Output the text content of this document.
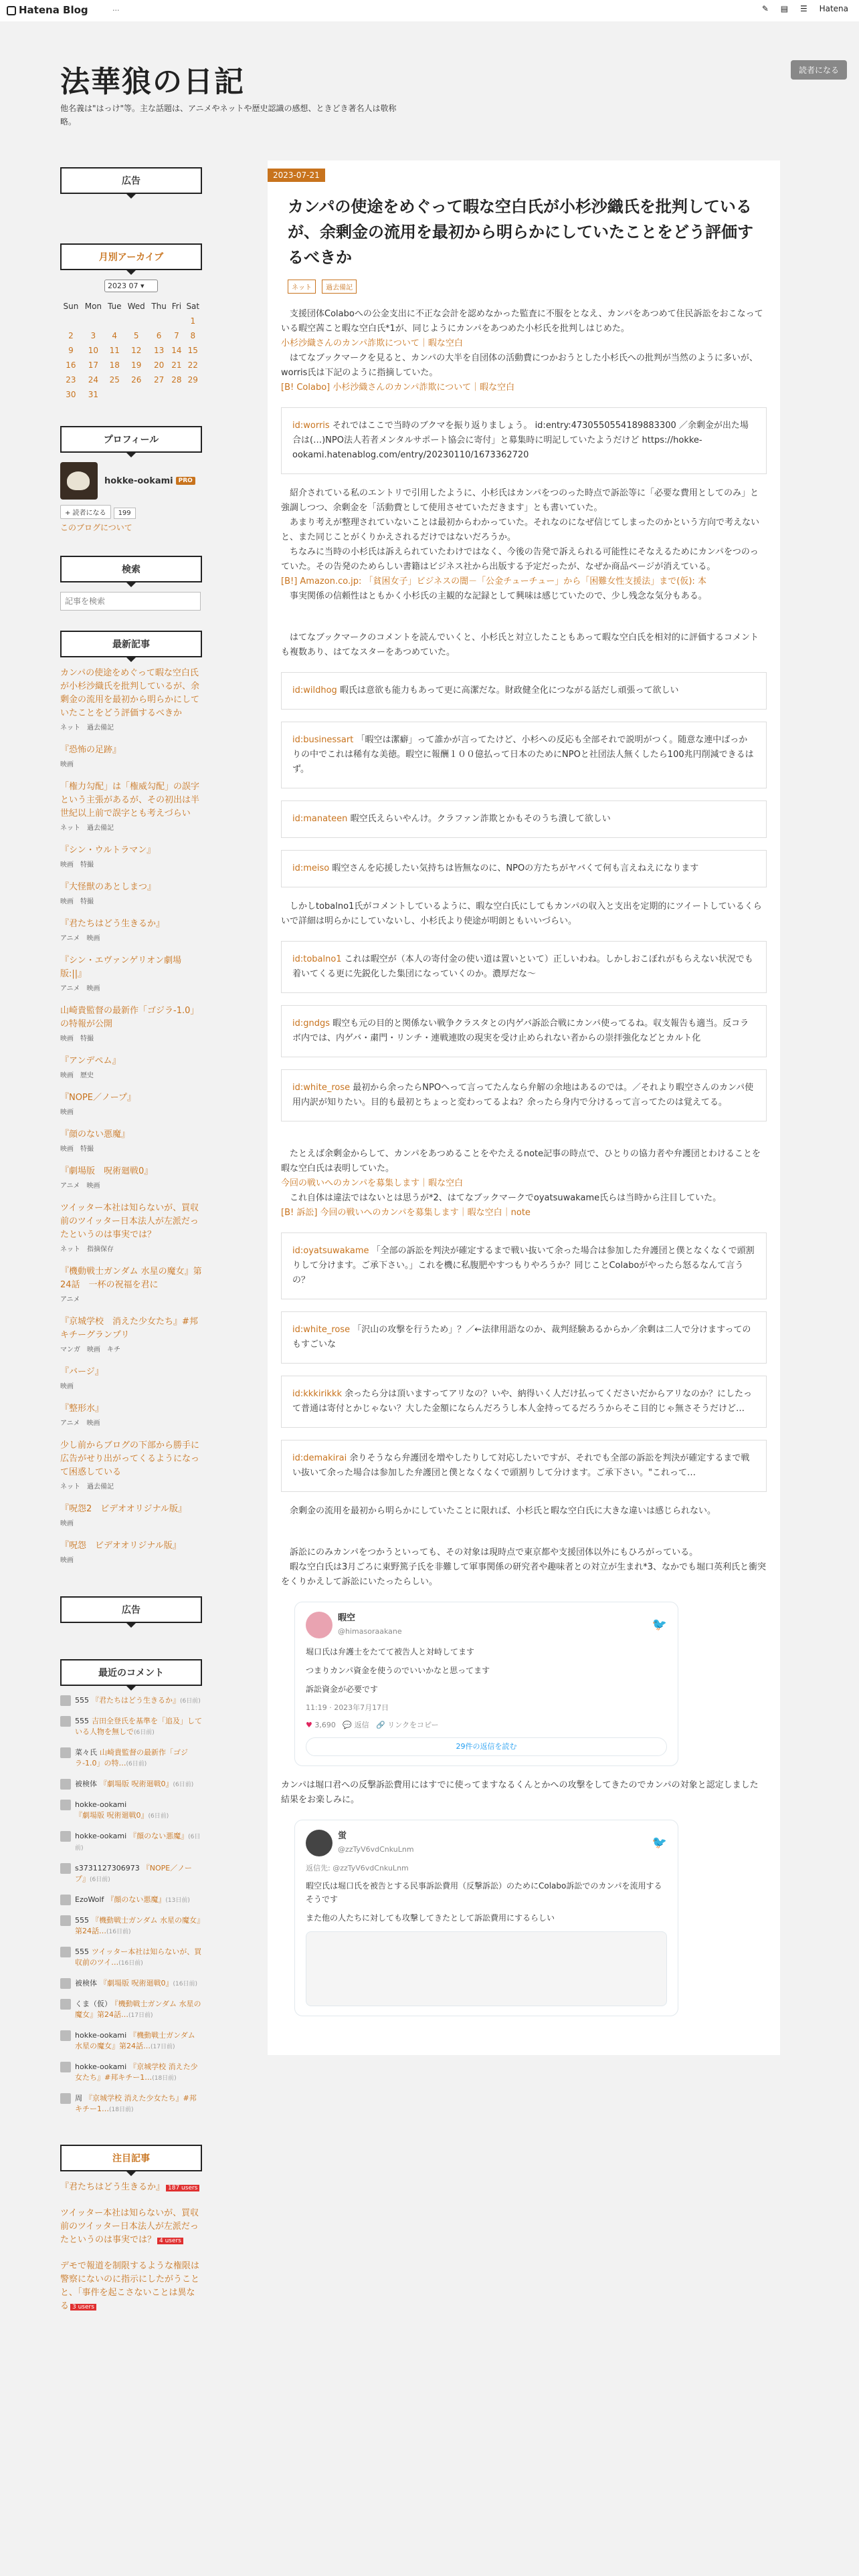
Hatena Blog	···	✎ ▤ ☰ Hatena
法華狼の日記
他名義は"はっけ"等。主な話題は、アニメやネットや歴史認識の感想、ときどき著名人は敬称略。
読者になる
広告
月別アーカイブ
2023 07 ▾
Sun	Mon	Tue	Wed	Thu	Fri	Sat
						1
2	3	4	5	6	7	8
9	10	11	12	13	14	15
16	17	18	19	20	21	22
23	24	25	26	27	28	29
30	31					
プロフィール
hokke-ookami PRO
+ 読者になる 199
このブログについて
検索
記事を検索
最新記事
カンパの使途をめぐって暇な空白氏が小杉沙織氏を批判しているが、余剰金の流用を最初から明らかにしていたことをどう評価するべきか
ネット　過去備記
『恐怖の足跡』
映画
「権力勾配」は「権威勾配」の誤字という主張があるが、その初出は半世紀以上前で誤字とも考えづらい
ネット　過去備記
『シン・ウルトラマン』
映画　特撮
『大怪獣のあとしまつ』
映画　特撮
『君たちはどう生きるか』
アニメ　映画
『シン・エヴァンゲリオン劇場版:||』
アニメ　映画
山崎貴監督の最新作「ゴジラ-1.0」の特報が公開
映画　特撮
『アンデペム』
映画　歴史
『NOPE／ノープ』
映画
『顔のない悪魔』
映画　特撮
『劇場版　呪術廻戦0』
アニメ　映画
ツイッター本社は知らないが、買収前のツイッター日本法人が左派だったというのは事実では？
ネット　指摘保存
『機動戦士ガンダム 水星の魔女』第24話　一杯の祝福を君に
アニメ
『京城学校　消えた少女たち』#邦キチーグランプリ
マンガ　映画　キチ
『バージ』
映画
『整形水』
アニメ　映画
少し前からブログの下部から勝手に広告がせり出がってくるようになって困惑している
ネット　過去備記
『呪怨2　ビデオオリジナル版』
映画
『呪怨　ビデオオリジナル版』
映画
広告
最近のコメント
555 『君たちはどう生きるか』(6日前)
555 吉田全登氏を基準を「追及」している人物を無しで(6日前)
菜々氏 山崎貴監督の最新作「ゴジラ-1.0」の特…(6日前)
被検体 『劇場版 呪術廻戦0』(6日前)
hokke-ookami『劇場版 呪術廻戦0』(6日前)
hokke-ookami 『顔のない悪魔』(6日前)
s3731127306973 『NOPE／ノープ』(6日前)
EzoWolf 『顔のない悪魔』(13日前)
555 『機動戦士ガンダム 水星の魔女』第24話…(16日前)
555 ツイッター本社は知らないが、買収前のツイ…(16日前)
被検体 『劇場版 呪術廻戦0』(16日前)
くま（仮） 『機動戦士ガンダム 水星の魔女』第24話…(17日前)
hokke-ookami 『機動戦士ガンダム 水星の魔女』第24話…(17日前)
hokke-ookami 『京城学校 消えた少女たち』#邦キチー1…(18日前)
周 『京城学校 消えた少女たち』#邦キチー1…(18日前)
注目記事
『君たちはどう生きるか』 187 users
ツイッター本社は知らないが、買収前のツイッター日本法人が左派だったというのは事実では？ 4 users
デモで報道を制限するような権限は警察にないのに指示にしたがうことと、「事件を起こさないことは異なる 3 users
2023-07-21
カンパの使途をめぐって暇な空白氏が小杉沙織氏を批判しているが、余剰金の流用を最初から明らかにしていたことをどう評価するべきか
ネット 過去備記

支援団体Colaboへの公金支出に不正な会計を認めなかった監査に不服をとなえ、カンパをあつめて住民訴訟をおこなっている暇空茜こと暇な空白氏*1が、同じようにカンパをあつめた小杉氏を批判しはじめた。

小杉沙織さんのカンパ詐欺について｜暇な空白

はてなブックマークを見ると、カンパの大半を自団体の活動費につかおうとした小杉氏への批判が当然のように多いが、worris氏は下記のように指摘していた。

[B! Colabo] 小杉沙織さんのカンパ詐欺について｜暇な空白

id:worris それではここで当時のブクマを振り返りましょう。 id:entry:4730550554189883300 ／余剰金が出た場合は(…)NPO法人若者メンタルサポート協会に寄付」と募集時に明記していたようだけど https://hokke-ookami.hatenablog.com/entry/20230110/1673362720

紹介されている私のエントリで引用したように、小杉氏はカンパをつのった時点で訴訟等に「必要な費用としてのみ」と強調しつつ、余剰金を「活動費として使用させていただきます」とも書いていた。

あまり考えが整理されていないことは最初からわかっていた。それなのになぜ信じてしまったのかという方向で考えないと、また同じことがくりかえされるだけではないだろうか。

ちなみに当時の小杉氏は訴えられていたわけではなく、今後の告発で訴えられる可能性にそなえるためにカンパをつのっていた。その告発のためらしい書籍はビジネス社から出版する予定だったが、なぜか商品ページが消えている。

[B!] Amazon.co.jp: 「貧困女子」ビジネスの闇－「公金チューチュー」から「困難女性支援法」まで(仮): 本

事実関係の信頼性はともかく小杉氏の主観的な記録として興味は感じていたので、少し残念な気分もある。

はてなブックマークのコメントを読んでいくと、小杉氏と対立したこともあって暇な空白氏を相対的に評価するコメントも複数あり、はてなスターをあつめていた。

id:wildhog 暇氏は意欲も能力もあって更に高潔だな。財政健全化につながる話だし頑張って欲しい
id:businessart 「暇空は潔癖」って誰かが言ってたけど、小杉への反応も全部それで説明がつく。随意な連中ばっかりの中でこれは稀有な美徳。暇空に報酬１００億払って日本のためにNPOと社団法人無くしたら100兆円削減できるはず。
id:manateen 暇空氏えらいやんけ。クラファン詐欺とかもそのうち潰して欲しい
id:meiso 暇空さんを応援したい気持ちは皆無なのに、NPOの方たちがヤバくて何も言えねえになります

しかしtobalno1氏がコメントしているように、暇な空白氏にしてもカンパの収入と支出を定期的にツイートしているくらいで詳細は明らかにしていないし、小杉氏より使途が明朗ともいいづらい。

id:tobalno1 これは暇空が（本人の寄付金の使い道は置いといて）正しいわね。しかしおこぼれがもらえない状況でも着いてくる更に先鋭化した集団になっていくのか。濃厚だな～
id:gndgs 暇空も元の目的と関係ない戦争クラスタとの内ゲバ訴訟合戦にカンパ使ってるね。収支報告も適当。反コラボ内では、内ゲバ・粛門・リンチ・連戦連敗の現実を受け止められない者からの崇拝強化などとカルト化
id:white_rose 最初から余ったらNPOへって言ってたんなら弁解の余地はあるのでは。／それより暇空さんのカンパ使用内訳が知りたい。目的も最初とちょっと変わってるよね？余ったら身内で分けるって言ってたのは覚えてる。

たとえば余剰金からして、カンパをあつめることをやたえるnote記事の時点で、ひとりの協力者や弁護団とわけることを暇な空白氏は表明していた。

今回の戦いへのカンパを募集します｜暇な空白

これ自体は違法ではないとは思うが*2、はてなブックマークでoyatsuwakame氏らは当時から注目していた。

[B! 訴訟] 今回の戦いへのカンパを募集します｜暇な空白｜note

id:oyatsuwakame 「全部の訴訟を判決が確定するまで戦い抜いて余った場合は参加した弁護団と僕となくなくで頭割りして分けます。ご承下さい。」これを機に私腹肥やすつもりやろうか？同じことColaboがやったら怒るなんて言うの？
id:white_rose 「沢山の攻撃を行うため」？／←法律用語なのか、裁判経験あるからか／余剰は二人で分けますってのもすごいな
id:kkkirikkk 余ったら分は頂いますってアリなの？いや、納得いく人だけ払ってくださいだからアリなのか？にしたって普通は寄付とかじゃない？大した金額にならんだろうし本人金持ってるだろうからそこ目的じゃ無さそうだけど…
id:demakirai 余りそうなら弁護団を増やしたりして対応したいですが、それでも全部の訴訟を判決が確定するまで戦い抜いて余った場合は参加した弁護団と僕となくなくで頭割りして分けます。ご承下さい。"これって…

余剰金の流用を最初から明らかにしていたことに限れば、小杉氏と暇な空白氏に大きな違いは感じられない。

訴訟にのみカンパをつかうといっても、その対象は現時点で東京都や支援団体以外にもひろがっている。

暇な空白氏は3月ごろに東野篤子氏を非難して軍事関係の研究者や趣味者との対立が生まれ*3、なかでも堀口英利氏と衝突をくりかえして訴訟にいたったらしい。

暇空
@himasoraakane	🐦
堀口氏は弁護士をたてて被告人と対峙してます
つまりカンパ資金を使うのでいいかなと思ってます
訴訟資金が必要です
11:19 · 2023年7月17日
♥ 3,690 💬 返信 🔗 リンクをコピー
29件の返信を読む

カンパは堀口君への反撃訴訟費用にはすでに使ってますなるくんとかへの攻撃をしてきたのでカンパの対象と認定しました 結果をお楽しみに。

蛍
@zzTyV6vdCnkuLnm	🐦
返信先: @zzTyV6vdCnkuLnm
暇空氏は堀口氏を被告とする民事訴訟費用（反撃訴訟）のためにColabo訴訟でのカンパを流用するそうです
また他の人たちに対しても攻撃してきたとして訴訟費用にするらしい
